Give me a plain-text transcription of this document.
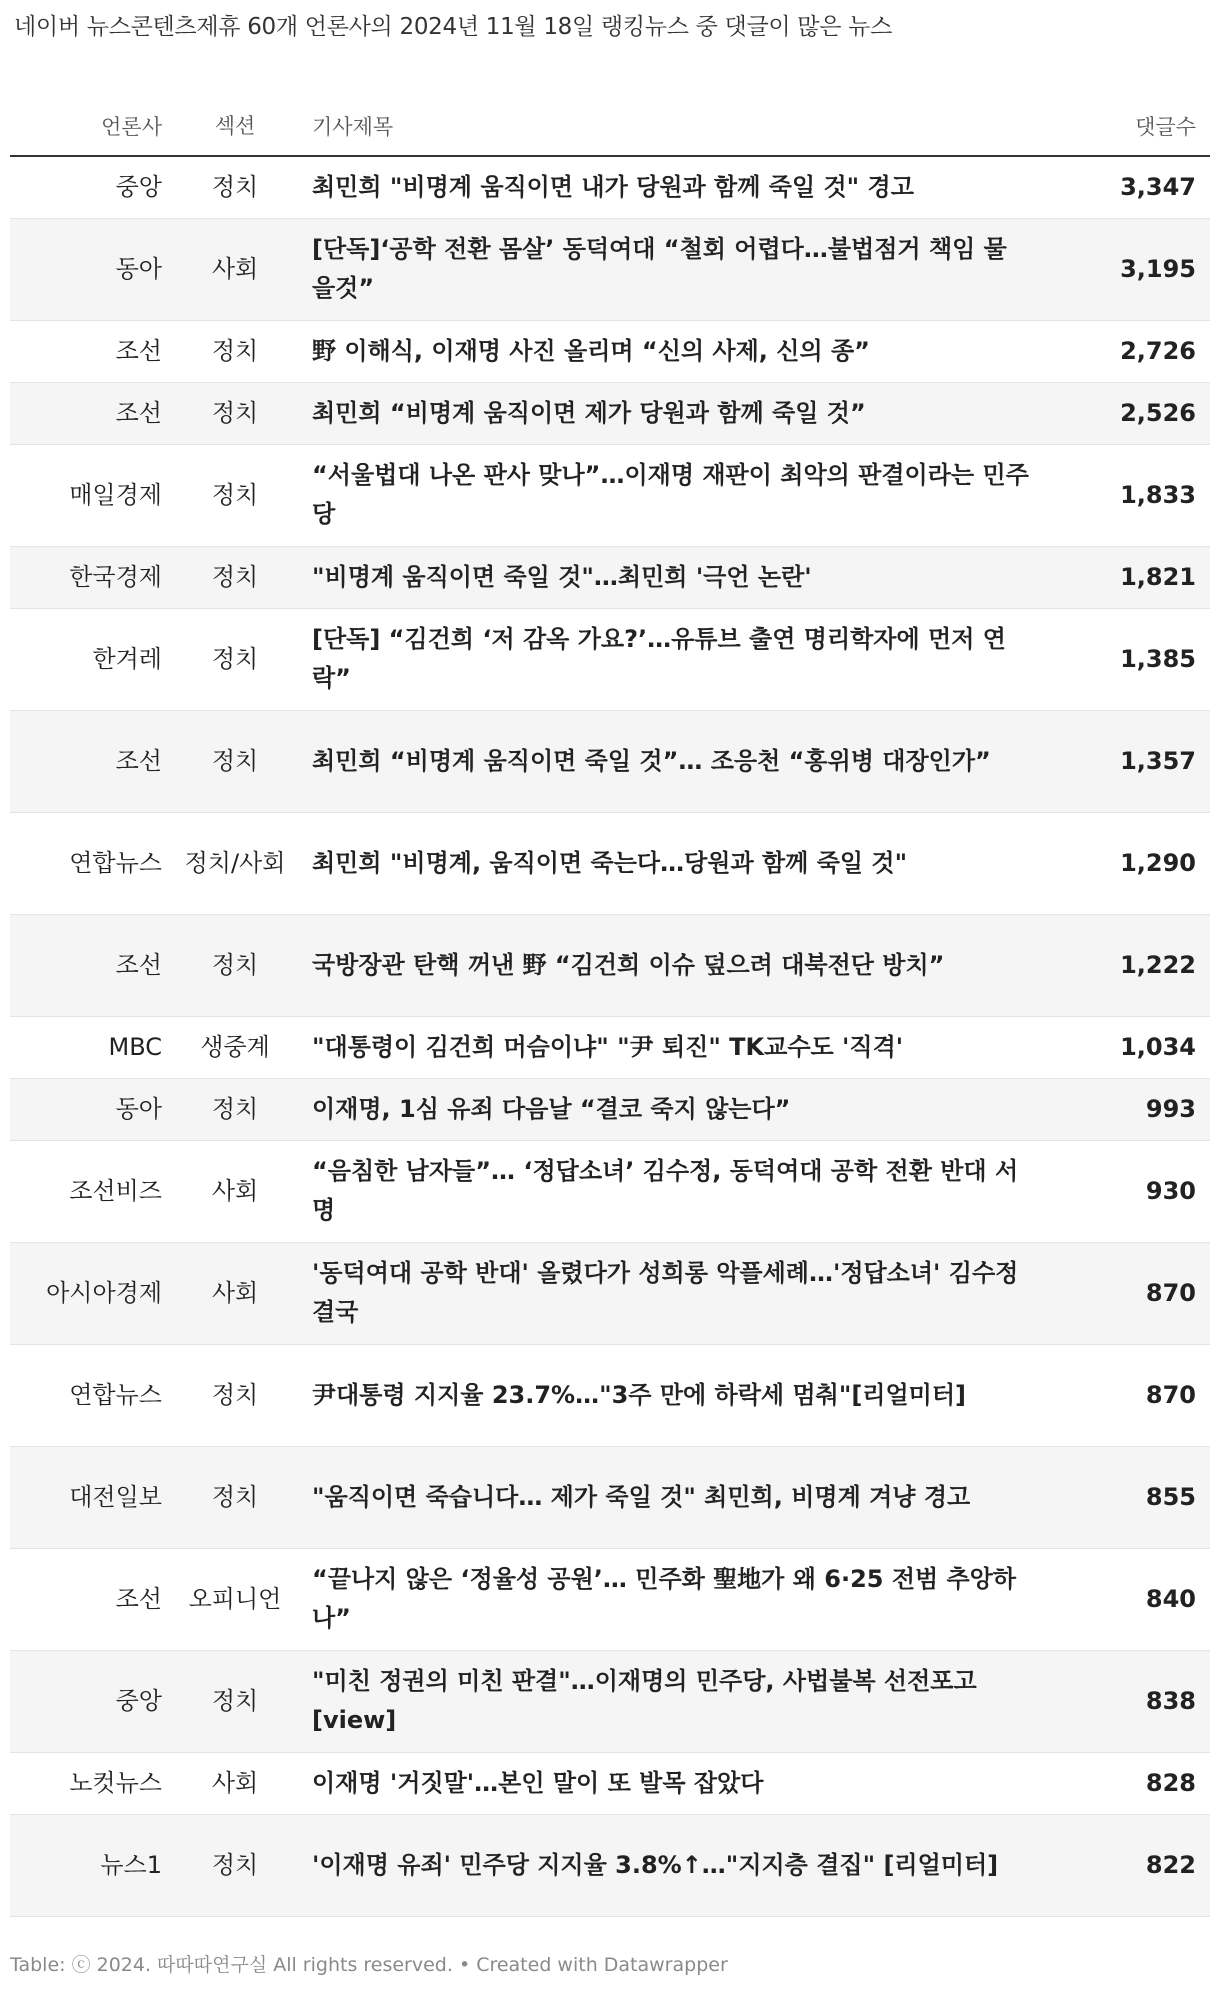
네이버 뉴스콘텐츠제휴 60개 언론사의 2024년 11월 18일 랭킹뉴스 중 댓글이 많은 뉴스
언론사	섹션	기사제목	댓글수
중앙	정치	최민희 "비명계 움직이면 내가 당원과 함께 죽일 것" 경고	3,347
동아	사회	[단독]‘공학 전환 몸살’ 동덕여대 “철회 어렵다…불법점거 책임 물을것”	3,195
조선	정치	野 이해식, 이재명 사진 올리며 “신의 사제, 신의 종”	2,726
조선	정치	최민희 “비명계 움직이면 제가 당원과 함께 죽일 것”	2,526
매일경제	정치	“서울법대 나온 판사 맞나”…이재명 재판이 최악의 판결이라는 민주당	1,833
한국경제	정치	"비명계 움직이면 죽일 것"…최민희 '극언 논란'	1,821
한겨레	정치	[단독] “김건희 ‘저 감옥 가요?’…유튜브 출연 명리학자에 먼저 연락”	1,385
조선	정치	최민희 “비명계 움직이면 죽일 것”… 조응천 “홍위병 대장인가”	1,357
연합뉴스	정치/사회	최민희 "비명계, 움직이면 죽는다…당원과 함께 죽일 것"	1,290
조선	정치	국방장관 탄핵 꺼낸 野 “김건희 이슈 덮으려 대북전단 방치”	1,222
MBC	생중계	"대통령이 김건희 머슴이냐" "尹 퇴진" TK교수도 '직격'	1,034
동아	정치	이재명, 1심 유죄 다음날 “결코 죽지 않는다”	993
조선비즈	사회	“음침한 남자들”… ‘정답소녀’ 김수정, 동덕여대 공학 전환 반대 서명	930
아시아경제	사회	'동덕여대 공학 반대' 올렸다가 성희롱 악플세례…'정답소녀' 김수정 결국	870
연합뉴스	정치	尹대통령 지지율 23.7%…"3주 만에 하락세 멈춰"[리얼미터]	870
대전일보	정치	"움직이면 죽습니다… 제가 죽일 것" 최민희, 비명계 겨냥 경고	855
조선	오피니언	“끝나지 않은 ‘정율성 공원’… 민주화 聖地가 왜 6·25 전범 추앙하나”	840
중앙	정치	"미친 정권의 미친 판결"…이재명의 민주당, 사법불복 선전포고 [view]	838
노컷뉴스	사회	이재명 '거짓말'…본인 말이 또 발목 잡았다	828
뉴스1	정치	'이재명 유죄' 민주당 지지율 3.8%↑…"지지층 결집" [리얼미터]	822
Table: ⓒ 2024. 따따따연구실 All rights reserved. • Created with Datawrapper
